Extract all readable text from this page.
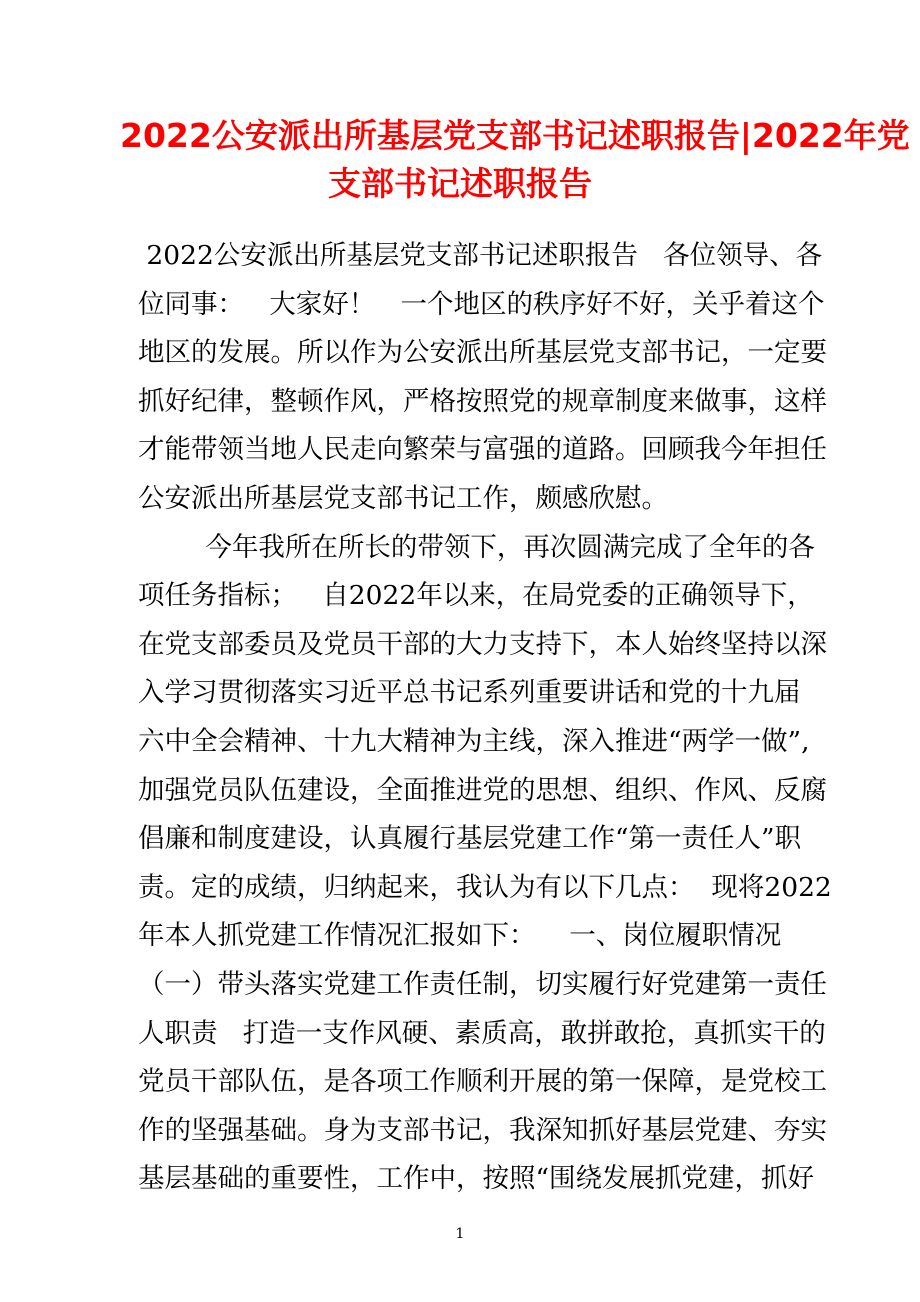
2022公安派出所基层党支部书记述职报告|2022年党
支部书记述职报告
2022公安派出所基层党支部书记述职报告   各位领导、各
位同事：   大家好！   一个地区的秩序好不好，关乎着这个
地区的发展。所以作为公安派出所基层党支部书记，一定要
抓好纪律，整顿作风，严格按照党的规章制度来做事，这样
才能带领当地人民走向繁荣与富强的道路。回顾我今年担任
公安派出所基层党支部书记工作，颇感欣慰。
今年我所在所长的带领下，再次圆满完成了全年的各
项任务指标；   自2022年以来，在局党委的正确领导下，
在党支部委员及党员干部的大力支持下，本人始终坚持以深
入学习贯彻落实习近平总书记系列重要讲话和党的十九届
六中全会精神、十九大精神为主线，深入推进“两学一做”,
加强党员队伍建设，全面推进党的思想、组织、作风、反腐
倡廉和制度建设，认真履行基层党建工作“第一责任人”职
责。定的成绩，归纳起来，我认为有以下几点：  现将2022
年本人抓党建工作情况汇报如下：    一、岗位履职情况
（一）带头落实党建工作责任制，切实履行好党建第一责任
人职责   打造一支作风硬、素质高，敢拼敢抢，真抓实干的
党员干部队伍，是各项工作顺利开展的第一保障，是党校工
作的坚强基础。身为支部书记，我深知抓好基层党建、夯实
基层基础的重要性，工作中，按照“围绕发展抓党建，抓好
1
